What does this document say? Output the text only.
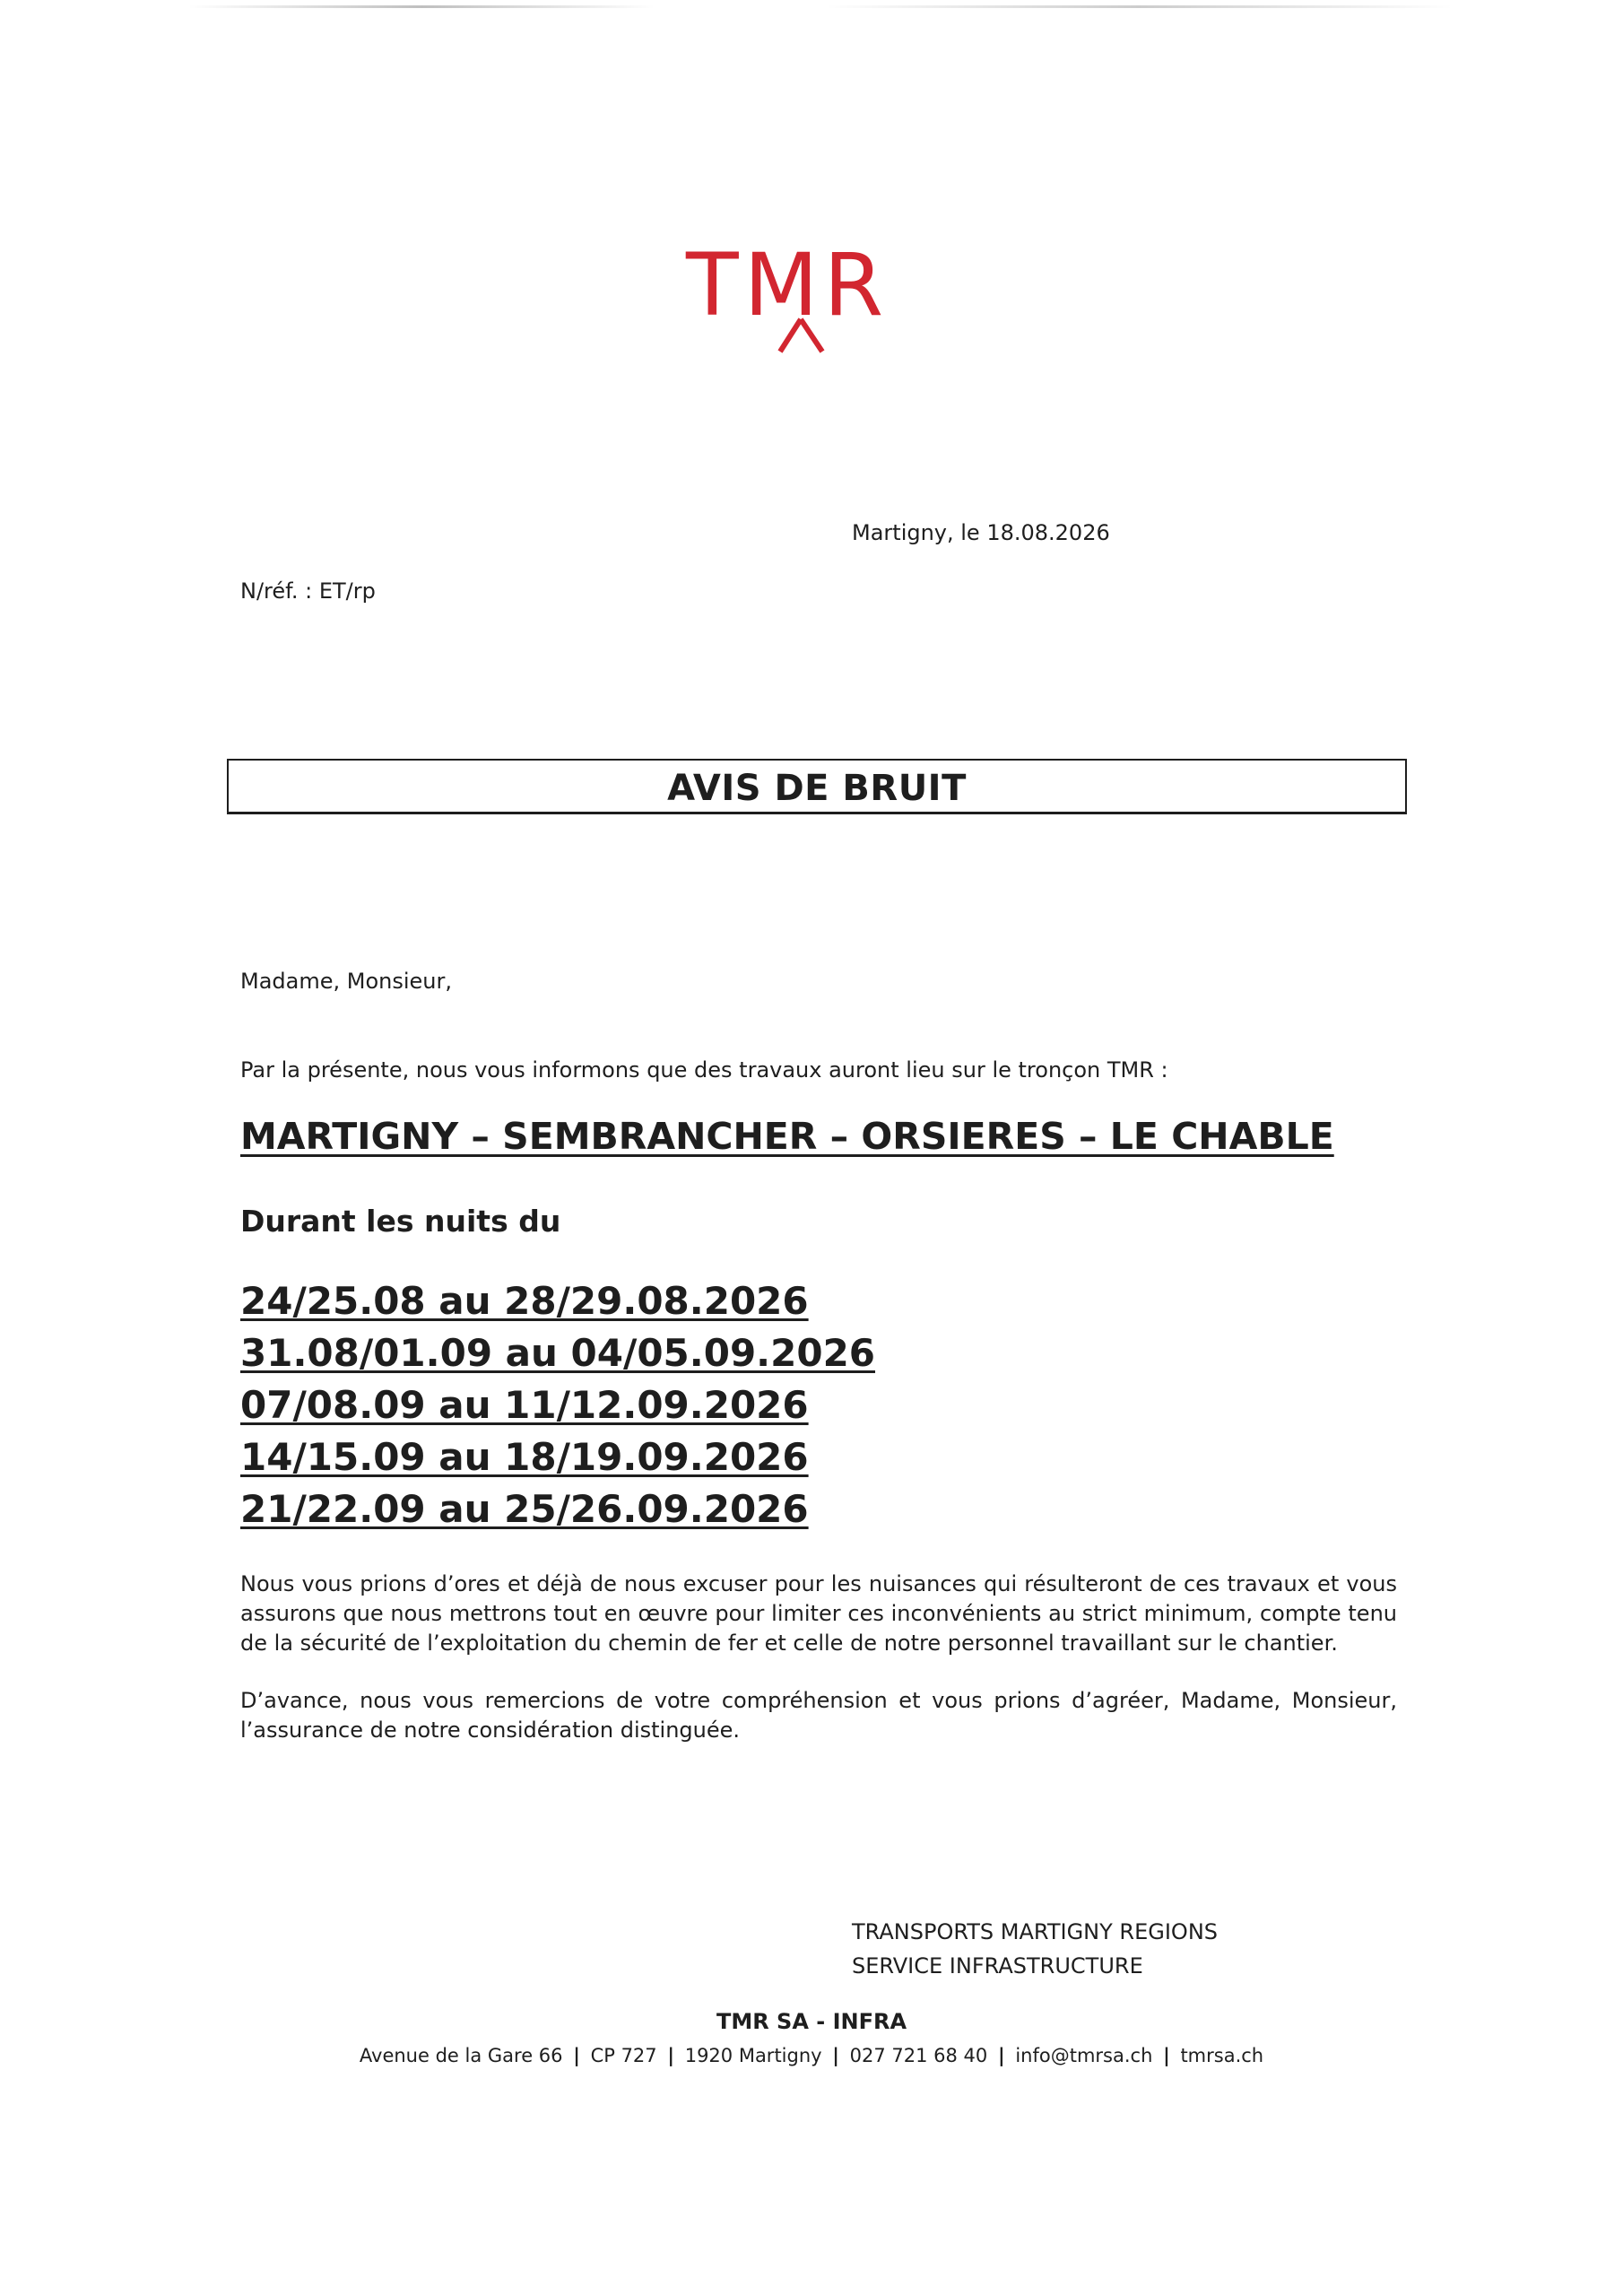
TMR
Martigny, le 18.08.2026
N/réf. : ET/rp
AVIS DE BRUIT
Madame, Monsieur,
Par la présente, nous vous informons que des travaux auront lieu sur le tronçon TMR :
MARTIGNY – SEMBRANCHER – ORSIERES – LE CHABLE
Durant les nuits du
24/25.08 au 28/29.08.2026
31.08/01.09 au 04/05.09.2026
07/08.09 au 11/12.09.2026
14/15.09 au 18/19.09.2026
21/22.09 au 25/26.09.2026
Nous vous prions d’ores et déjà de nous excuser pour les nuisances qui résulteront de ces travaux et vous assurons que nous mettrons tout en œuvre pour limiter ces inconvénients au strict minimum, compte tenu de la sécurité de l’exploitation du chemin de fer et celle de notre personnel travaillant sur le chantier.
D’avance, nous vous remercions de votre compréhension et vous prions d’agréer, Madame, Monsieur, l’assurance de notre considération distinguée.
TRANSPORTS MARTIGNY REGIONS
SERVICE INFRASTRUCTURE
TMR SA - INFRA
Avenue de la Gare 66 | CP 727 | 1920 Martigny | 027 721 68 40 | info@tmrsa.ch | tmrsa.ch
